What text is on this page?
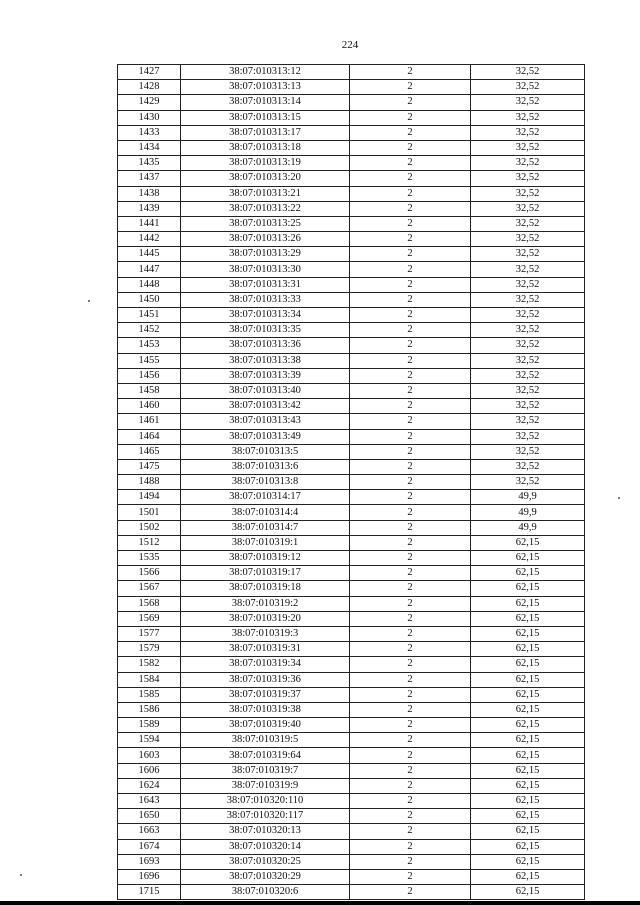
224
1427	38:07:010313:12	2	32,52
1428	38:07:010313:13	2	32,52
1429	38:07:010313:14	2	32,52
1430	38:07:010313:15	2	32,52
1433	38:07:010313:17	2	32,52
1434	38:07:010313:18	2	32,52
1435	38:07:010313:19	2	32,52
1437	38:07:010313:20	2	32,52
1438	38:07:010313:21	2	32,52
1439	38:07:010313:22	2	32,52
1441	38:07:010313:25	2	32,52
1442	38:07:010313:26	2	32,52
1445	38:07:010313:29	2	32,52
1447	38:07:010313:30	2	32,52
1448	38:07:010313:31	2	32,52
1450	38:07:010313:33	2	32,52
1451	38:07:010313:34	2	32,52
1452	38:07:010313:35	2	32,52
1453	38:07:010313:36	2	32,52
1455	38:07:010313:38	2	32,52
1456	38:07:010313:39	2	32,52
1458	38:07:010313:40	2	32,52
1460	38:07:010313:42	2	32,52
1461	38:07:010313:43	2	32,52
1464	38:07:010313:49	2	32,52
1465	38:07:010313:5	2	32,52
1475	38:07:010313:6	2	32,52
1488	38:07:010313:8	2	32,52
1494	38:07:010314:17	2	49,9
1501	38:07:010314:4	2	49,9
1502	38:07:010314:7	2	49,9
1512	38:07:010319:1	2	62,15
1535	38:07:010319:12	2	62,15
1566	38:07:010319:17	2	62,15
1567	38:07:010319:18	2	62,15
1568	38:07:010319:2	2	62,15
1569	38:07:010319:20	2	62,15
1577	38:07:010319:3	2	62,15
1579	38:07:010319:31	2	62,15
1582	38:07:010319:34	2	62,15
1584	38:07:010319:36	2	62,15
1585	38:07:010319:37	2	62,15
1586	38:07:010319:38	2	62,15
1589	38:07:010319:40	2	62,15
1594	38:07:010319:5	2	62,15
1603	38:07:010319:64	2	62,15
1606	38:07:010319:7	2	62,15
1624	38:07:010319:9	2	62,15
1643	38:07:010320:110	2	62,15
1650	38:07:010320:117	2	62,15
1663	38:07:010320:13	2	62,15
1674	38:07:010320:14	2	62,15
1693	38:07:010320:25	2	62,15
1696	38:07:010320:29	2	62,15
1715	38:07:010320:6	2	62,15
